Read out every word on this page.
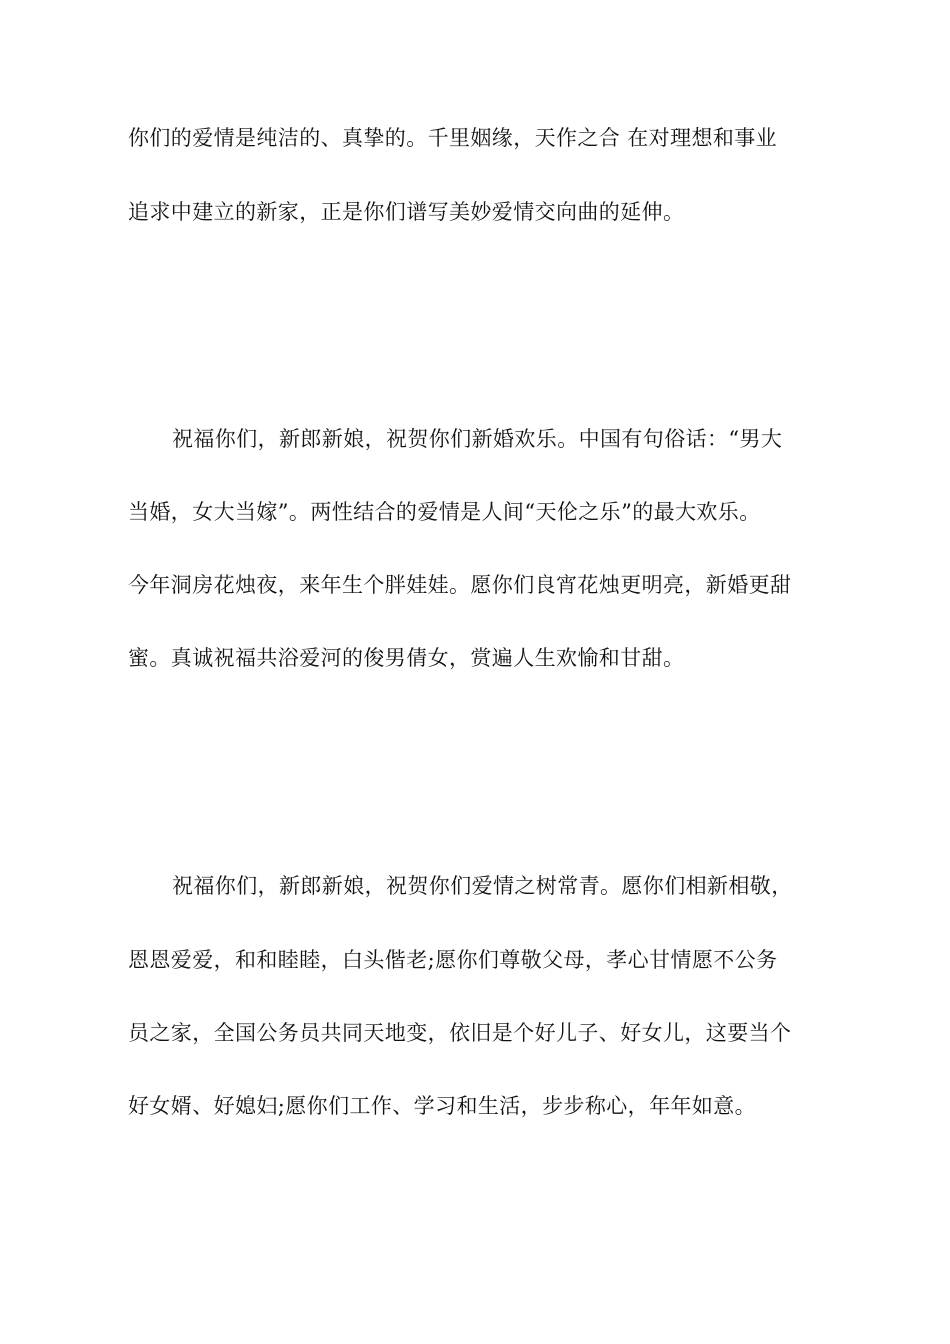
你们的爱情是纯洁的、真挚的。千里姻缘，天作之合 在对理想和事业
追求中建立的新家，正是你们谱写美妙爱情交向曲的延伸。
祝福你们，新郎新娘，祝贺你们新婚欢乐。中国有句俗话：“男大
当婚，女大当嫁”。两性结合的爱情是人间“天伦之乐”的最大欢乐。
今年洞房花烛夜，来年生个胖娃娃。愿你们良宵花烛更明亮，新婚更甜
蜜。真诚祝福共浴爱河的俊男倩女，赏遍人生欢愉和甘甜。
祝福你们，新郎新娘，祝贺你们爱情之树常青。愿你们相新相敬，
恩恩爱爱，和和睦睦，白头偕老;愿你们尊敬父母，孝心甘情愿不公务
员之家，全国公务员共同天地变，依旧是个好儿子、好女儿，这要当个
好女婿、好媳妇;愿你们工作、学习和生活，步步称心，年年如意。
